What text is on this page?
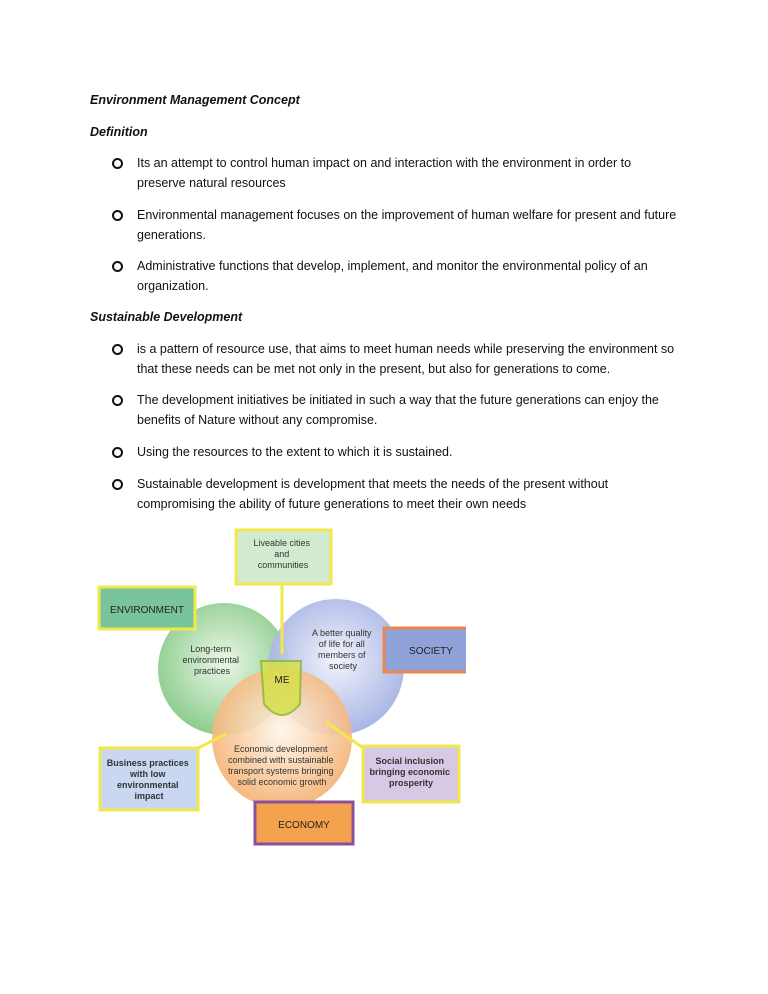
Environment Management Concept

Definition

Its an attempt to control human impact on and interaction with the environment in order to preserve natural resources
Environmental management focuses on the improvement of human welfare for present and future generations.
Administrative functions that develop, implement, and monitor the environmental policy of an organization.

Sustainable Development

is a pattern of resource use, that aims to meet human needs while preserving the environment so that these needs can be met not only in the present, but also for generations to come.
The development initiatives be initiated in such a way that the future generations can enjoy the benefits of Nature without any compromise.
Using the resources to the extent to which it is sustained.
Sustainable development is development that meets the needs of the present without compromising the ability of future generations to meet their own needs
ME
Long-term environmental practices
A better quality of life for all members of society
Economic development combined with sustainable transport systems bringing solid economic growth
Liveable cities and communities
ENVIRONMENT
SOCIETY
Business practices with low environmental impact
Social inclusion bringing economic prosperity
ECONOMY
